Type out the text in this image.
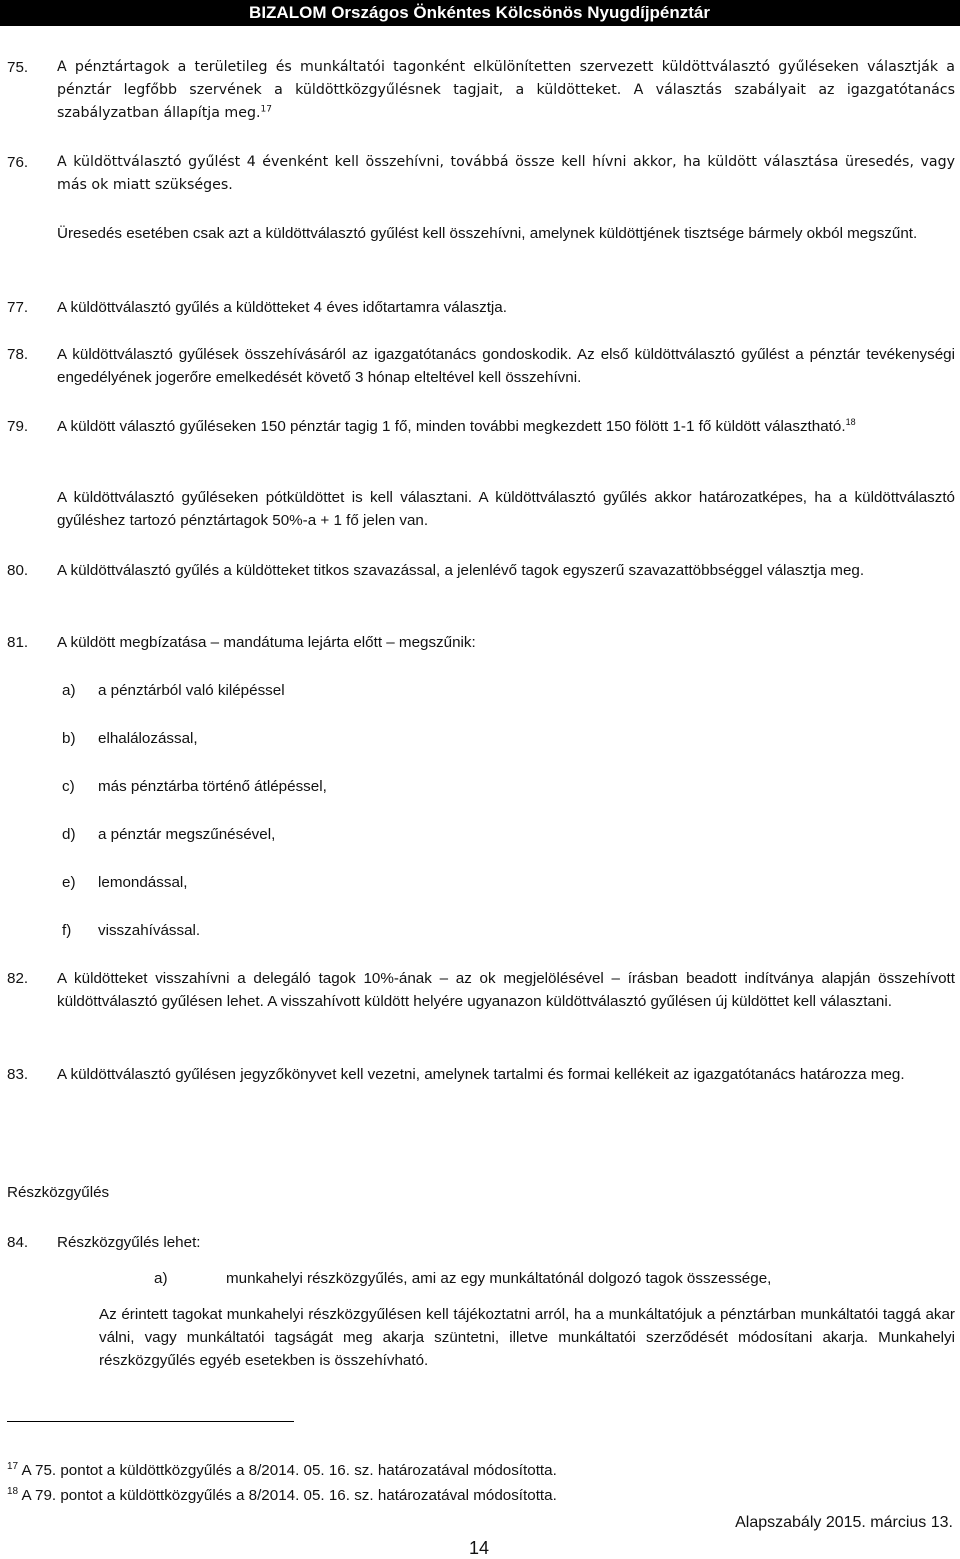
BIZALOM Országos Önkéntes Kölcsönös Nyugdíjpénztár
75. A pénztártagok a területileg és munkáltatói tagonként elkülönítetten szervezett küldöttválasztó gyűléseken választják a pénztár legfőbb szervének a küldöttközgyűlésnek tagjait, a küldötteket. A választás szabályait az igazgatótanács szabályzatban állapítja meg.$^{17}$
76. A küldöttválasztó gyűlést 4 évenként kell összehívni, továbbá össze kell hívni akkor, ha küldött választása üresedés, vagy más ok miatt szükséges.
Üresedés esetében csak azt a küldöttválasztó gyűlést kell összehívni, amelynek küldöttjének tisztsége bármely okból megszűnt.
77. A küldöttválasztó gyűlés a küldötteket 4 éves időtartamra választja.
78. A küldöttválasztó gyűlések összehívásáról az igazgatótanács gondoskodik. Az első küldöttválasztó gyűlést a pénztár tevékenységi engedélyének jogerőre emelkedését követő 3 hónap elteltével kell összehívni.
79. A küldött választó gyűléseken 150 pénztár tagig 1 fő, minden további megkezdett 150 fölött 1-1 fő küldött választható.$^{18}$
A küldöttválasztó gyűléseken pótküldöttet is kell választani. A küldöttválasztó gyűlés akkor határozatképes, ha a küldöttválasztó gyűléshez tartozó pénztártagok 50%-a + 1 fő jelen van.
80. A küldöttválasztó gyűlés a küldötteket titkos szavazással, a jelenlévő tagok egyszerű szavazattöbbséggel választja meg.
81. A küldött megbízatása – mandátuma lejárta előtt – megszűnik:
a) a pénztárból való kilépéssel
b) elhalálozással,
c) más pénztárba történő átlépéssel,
d) a pénztár megszűnésével,
e) lemondással,
f) visszahívással.
82. A küldötteket visszahívni a delegáló tagok 10%-ának – az ok megjelölésével – írásban beadott indítványa alapján összehívott küldöttválasztó gyűlésen lehet. A visszahívott küldött helyére ugyanazon küldöttválasztó gyűlésen új küldöttet kell választani.
83. A küldöttválasztó gyűlésen jegyzőkönyvet kell vezetni, amelynek tartalmi és formai kellékeit az igazgatótanács határozza meg.
Részközgyűlés
84. Részközgyűlés lehet:
a)	munkahelyi részközgyűlés, ami az egy munkáltatónál dolgozó tagok összessége,
Az érintett tagokat munkahelyi részközgyűlésen kell tájékoztatni arról, ha a munkáltatójuk a pénztárban munkáltatói taggá akar válni, vagy munkáltatói tagságát meg akarja szüntetni, illetve munkáltatói szerződését módosítani akarja. Munkahelyi részközgyűlés egyéb esetekben is összehívható.
$^{17}$ A 75. pontot a küldöttközgyűlés a 8/2014. 05. 16. sz. határozatával módosította.
$^{18}$ A 79. pontot a küldöttközgyűlés a 8/2014. 05. 16. sz. határozatával módosította.
Alapszabály 2015. március 13.
14
